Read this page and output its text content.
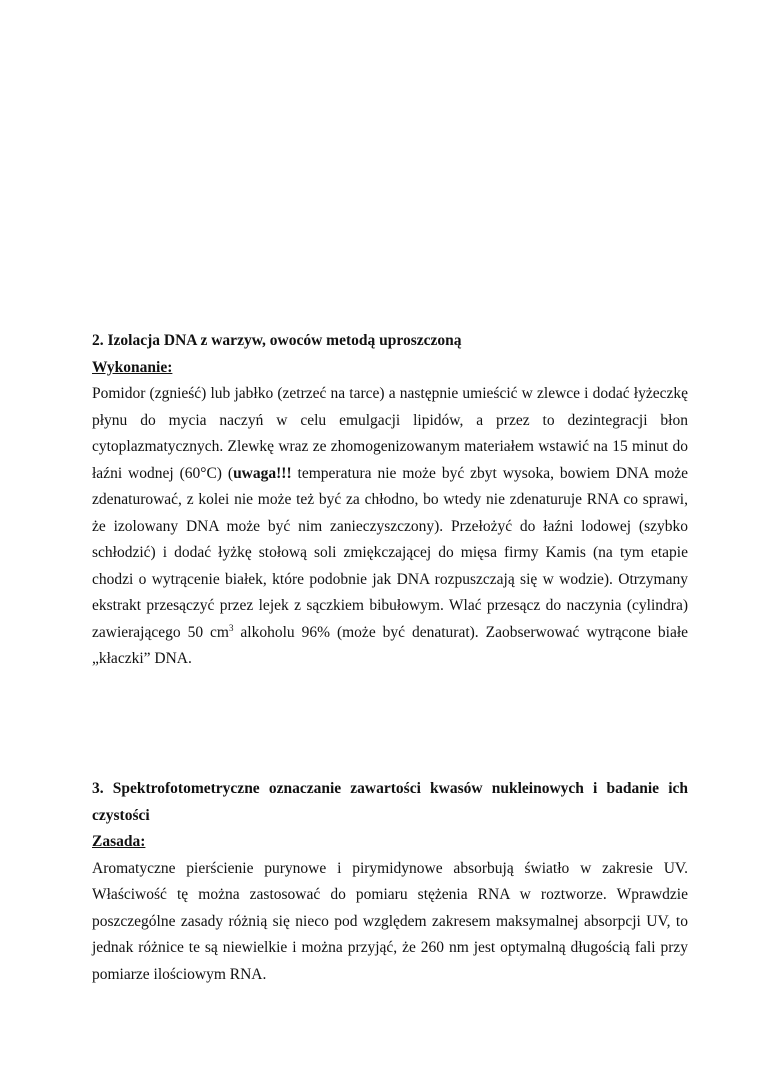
2. Izolacja DNA z warzyw, owoców metodą uproszczoną

Wykonanie:

Pomidor (zgnieść) lub jabłko (zetrzeć na tarce) a następnie umieścić w zlewce i dodać łyżeczkę płynu do mycia naczyń w celu emulgacji lipidów, a przez to dezintegracji błon cytoplazmatycznych. Zlewkę wraz ze zhomogenizowanym materiałem wstawić na 15 minut do łaźni wodnej (60°C) (uwaga!!! temperatura nie może być zbyt wysoka, bowiem DNA może zdenaturować, z kolei nie może też być za chłodno, bo wtedy nie zdenaturuje RNA co sprawi, że izolowany DNA może być nim zanieczyszczony). Przełożyć do łaźni lodowej (szybko schłodzić) i dodać łyżkę stołową soli zmiękczającej do mięsa firmy Kamis (na tym etapie chodzi o wytrącenie białek, które podobnie jak DNA rozpuszczają się w wodzie). Otrzymany ekstrakt przesączyć przez lejek z sączkiem bibułowym. Wlać przesącz do naczynia (cylindra) zawierającego 50 $cm^3$ alkoholu 96% (może być denaturat). Zaobserwować wytrącone białe „kłaczki” DNA.

3. Spektrofotometryczne oznaczanie zawartości kwasów nukleinowych i badanie ich czystości

Zasada:

Aromatyczne pierścienie purynowe i pirymidynowe absorbują światło w zakresie UV. Właściwość tę można zastosować do pomiaru stężenia RNA w roztworze. Wprawdzie poszczególne zasady różnią się nieco pod względem zakresem maksymalnej absorpcji UV, to jednak różnice te są niewielkie i można przyjąć, że 260 nm jest optymalną długością fali przy pomiarze ilościowym RNA.
